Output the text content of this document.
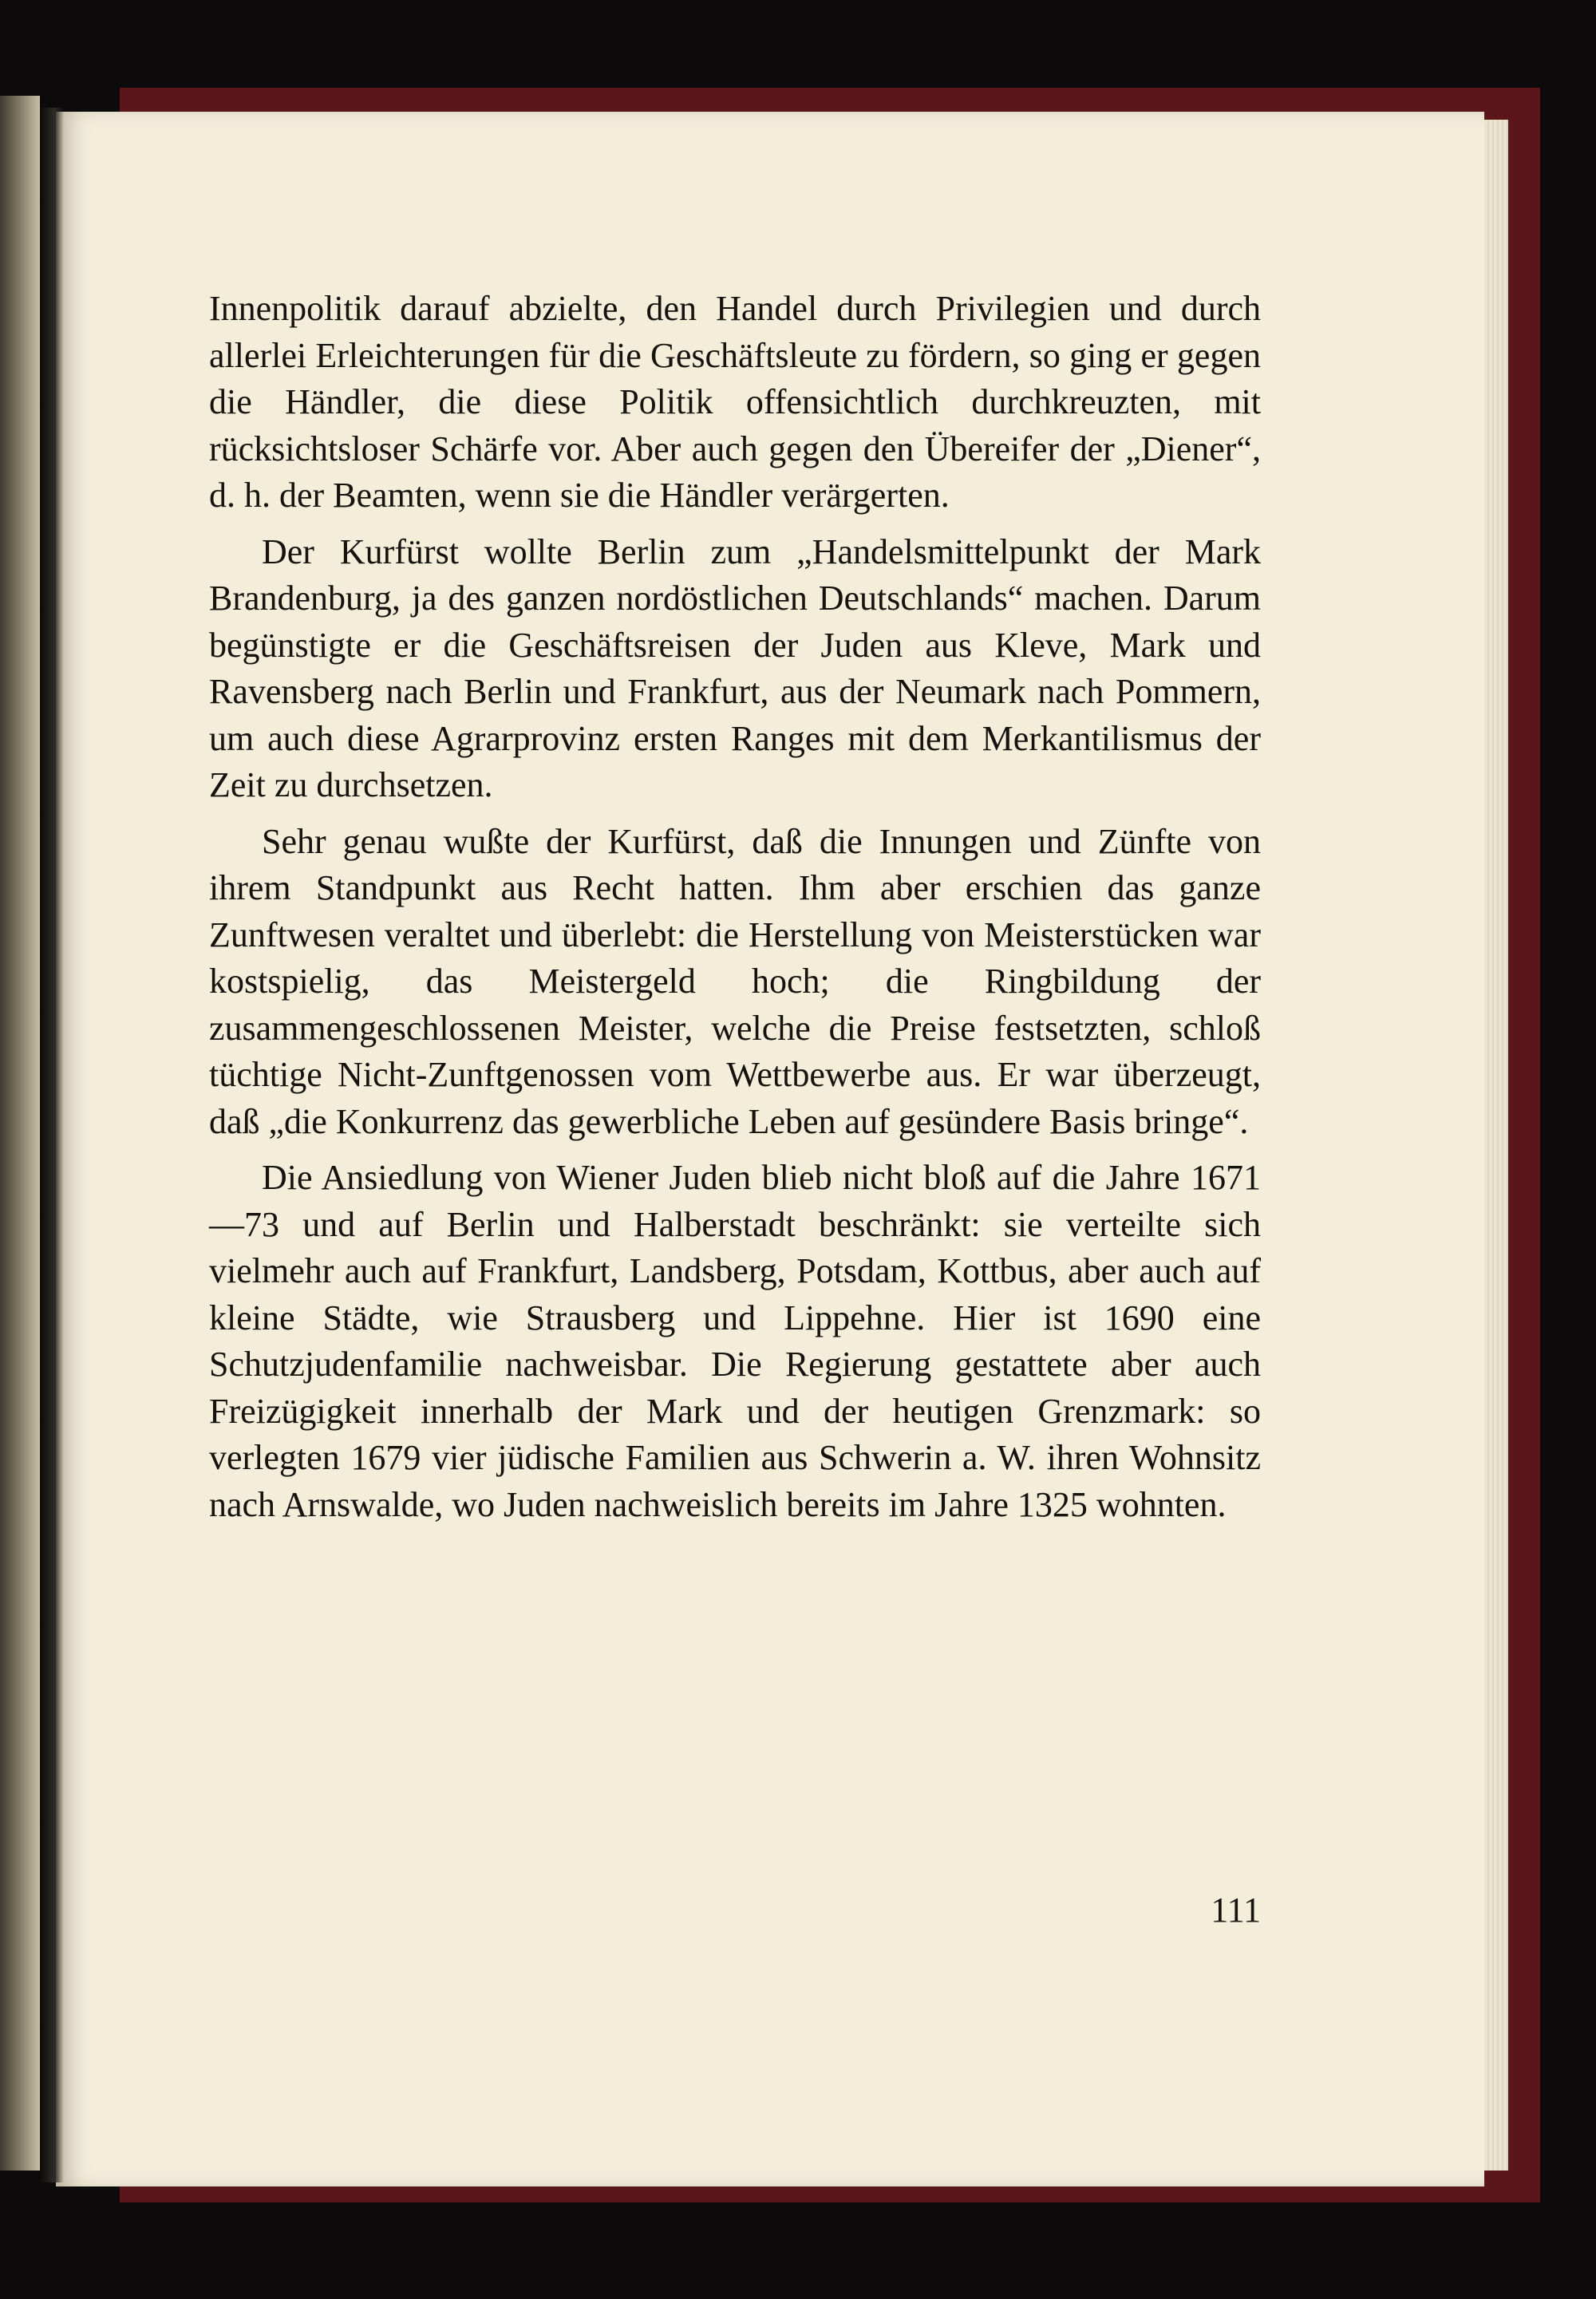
Innenpolitik darauf abzielte, den Handel durch Privilegien und durch allerlei Erleichterungen für die Geschäftsleute zu fördern, so ging er gegen die Händler, die diese Politik offensichtlich durchkreuzten, mit rücksichtsloser Schärfe vor. Aber auch gegen den Übereifer der „Diener“, d. h. der Beamten, wenn sie die Händler verärgerten.

Der Kurfürst wollte Berlin zum „Handelsmittelpunkt der Mark Brandenburg, ja des ganzen nordöstlichen Deutschlands“ machen. Darum begünstigte er die Geschäftsreisen der Juden aus Kleve, Mark und Ravensberg nach Berlin und Frankfurt, aus der Neumark nach Pommern, um auch diese Agrarprovinz ersten Ranges mit dem Merkantilismus der Zeit zu durchsetzen.

Sehr genau wußte der Kurfürst, daß die Innungen und Zünfte von ihrem Standpunkt aus Recht hatten. Ihm aber erschien das ganze Zunftwesen veraltet und überlebt: die Herstellung von Meisterstücken war kostspielig, das Meistergeld hoch; die Ringbildung der zusammengeschlossenen Meister, welche die Preise festsetzten, schloß tüchtige Nicht-Zunftgenossen vom Wettbewerbe aus. Er war überzeugt, daß „die Konkurrenz das gewerbliche Leben auf gesündere Basis bringe“.

Die Ansiedlung von Wiener Juden blieb nicht bloß auf die Jahre 1671—73 und auf Berlin und Halberstadt beschränkt: sie verteilte sich vielmehr auch auf Frankfurt, Landsberg, Potsdam, Kottbus, aber auch auf kleine Städte, wie Strausberg und Lippehne. Hier ist 1690 eine Schutzjudenfamilie nachweisbar. Die Regierung gestattete aber auch Freizügigkeit innerhalb der Mark und der heutigen Grenzmark: so verlegten 1679 vier jüdische Familien aus Schwerin a. W. ihren Wohnsitz nach Arnswalde, wo Juden nachweislich bereits im Jahre 1325 wohnten.

111
